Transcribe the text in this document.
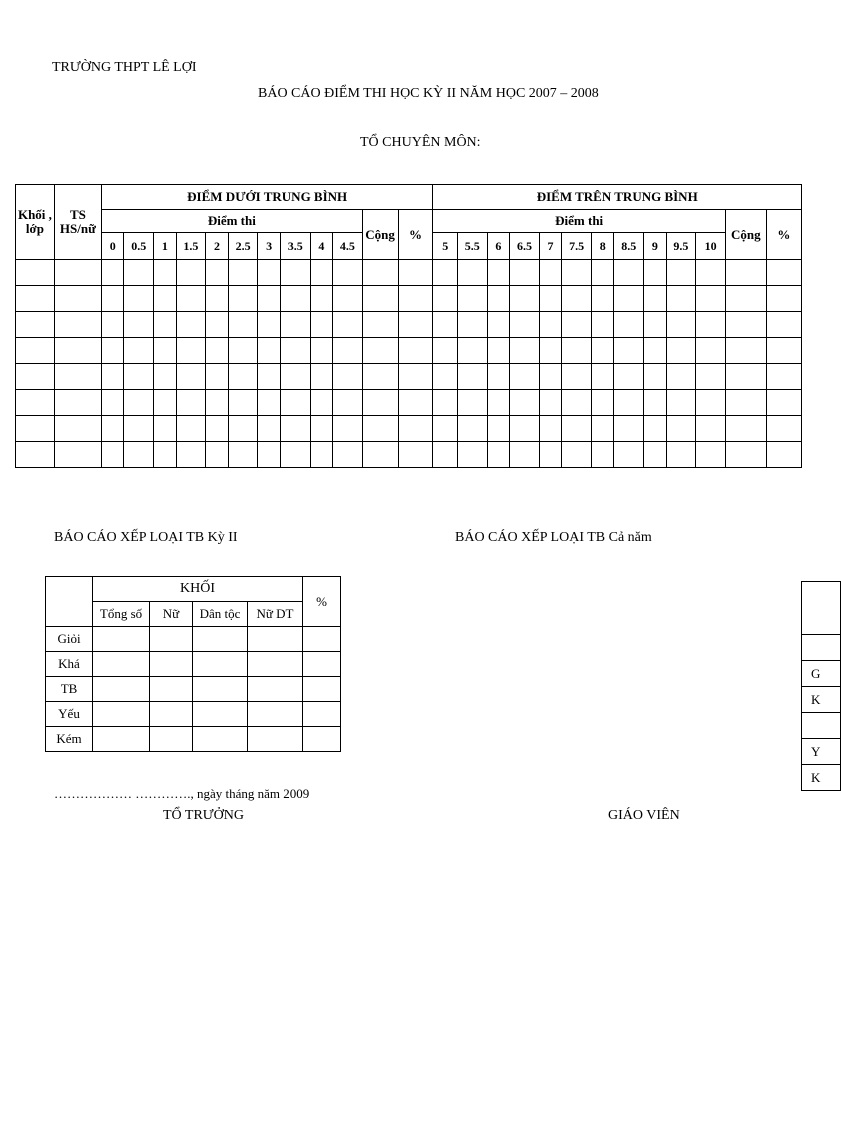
TRƯỜNG THPT LÊ LỢI
BÁO CÁO ĐIỂM THI HỌC KỲ II NĂM HỌC 2007 – 2008
TỔ CHUYÊN MÔN:
Khối , lớp	TS HS/nữ	ĐIỂM DƯỚI TRUNG BÌNH												ĐIỂM TRÊN TRUNG BÌNH												
		Điểm thi										Cộng	%	Điểm thi											Cộng	%
		0	0.5	1	1.5	2	2.5	3	3.5	4	4.5			5	5.5	6	6.5	7	7.5	8	8.5	9	9.5	10		

BÁO CÁO XẾP LOẠI TB Kỳ II	BÁO CÁO XẾP LOẠI TB Cả năm
	KHỐI				%
	Tổng số	Nữ	Dân tộc	Nữ DT	
Giỏi					
Khá					
TB					
Yếu					
Kém					

G
K

Y
K
……………… …………., ngày tháng năm 2009
TỔ TRƯỞNG	GIÁO VIÊN
